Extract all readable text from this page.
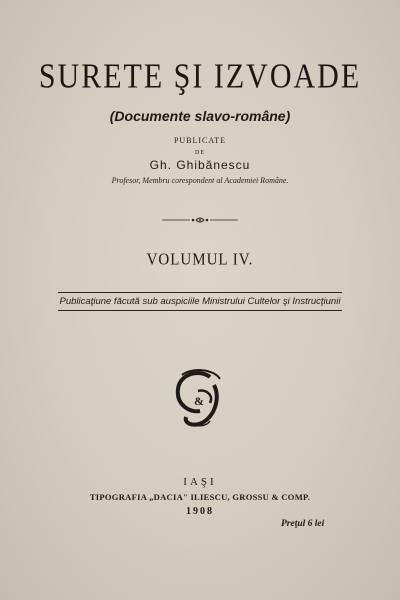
SURETE ŞI IZVOADE
(Documente slavo-române)
PUBLICATE
DE
Gh. Ghibănescu
Profesor, Membru corespondent al Academiei Române.
VOLUMUL IV.
Publicaţiune făcută sub auspiciile Ministrului Cultelor şi Instrucţiunii
&
IAŞI
TIPOGRAFIA „DACIA" ILIESCU, GROSSU & COMP.
1908
Preţul 6 lei
